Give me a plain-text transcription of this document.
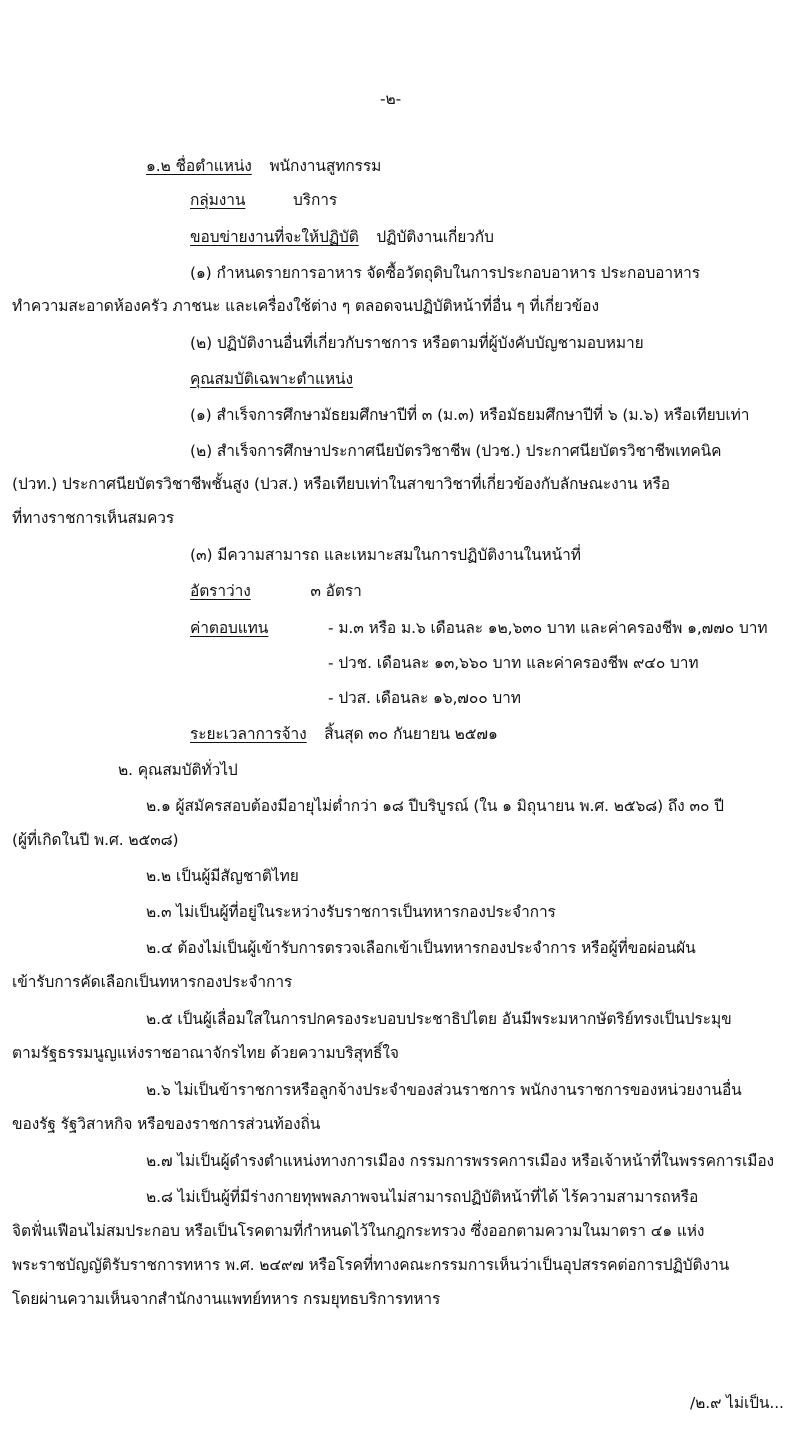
-๒-
๑.๒ ชื่อตำแหน่ง พนักงานสูทกรรม
กลุ่มงาน	บริการ
ขอบข่ายงานที่จะให้ปฏิบัติ ปฏิบัติงานเกี่ยวกับ
(๑) กำหนดรายการอาหาร จัดซื้อวัตถุดิบในการประกอบอาหาร ประกอบอาหาร
ทำความสะอาดห้องครัว ภาชนะ และเครื่องใช้ต่าง ๆ ตลอดจนปฏิบัติหน้าที่อื่น ๆ ที่เกี่ยวข้อง
(๒) ปฏิบัติงานอื่นที่เกี่ยวกับราชการ หรือตามที่ผู้บังคับบัญชามอบหมาย
คุณสมบัติเฉพาะตำแหน่ง
(๑) สำเร็จการศึกษามัธยมศึกษาปีที่ ๓ (ม.๓) หรือมัธยมศึกษาปีที่ ๖ (ม.๖) หรือเทียบเท่า
(๒) สำเร็จการศึกษาประกาศนียบัตรวิชาชีพ (ปวช.) ประกาศนียบัตรวิชาชีพเทคนิค
(ปวท.) ประกาศนียบัตรวิชาชีพชั้นสูง (ปวส.) หรือเทียบเท่าในสาขาวิชาที่เกี่ยวข้องกับลักษณะงาน หรือ
ที่ทางราชการเห็นสมควร
(๓) มีความสามารถ และเหมาะสมในการปฏิบัติงานในหน้าที่
อัตราว่าง	๓ อัตรา
ค่าตอบแทน	- ม.๓ หรือ ม.๖ เดือนละ ๑๒,๖๓๐ บาท และค่าครองชีพ ๑,๗๗๐ บาท
- ปวช. เดือนละ ๑๓,๖๖๐ บาท และค่าครองชีพ ๙๔๐ บาท
- ปวส. เดือนละ ๑๖,๗๐๐ บาท
ระยะเวลาการจ้าง สิ้นสุด ๓๐ กันยายน ๒๕๗๑
๒. คุณสมบัติทั่วไป
๒.๑ ผู้สมัครสอบต้องมีอายุไม่ต่ำกว่า ๑๘ ปีบริบูรณ์ (ใน ๑ มิถุนายน พ.ศ. ๒๕๖๘) ถึง ๓๐ ปี
(ผู้ที่เกิดในปี พ.ศ. ๒๕๓๘)
๒.๒ เป็นผู้มีสัญชาติไทย
๒.๓ ไม่เป็นผู้ที่อยู่ในระหว่างรับราชการเป็นทหารกองประจำการ
๒.๔ ต้องไม่เป็นผู้เข้ารับการตรวจเลือกเข้าเป็นทหารกองประจำการ หรือผู้ที่ขอผ่อนผัน
เข้ารับการคัดเลือกเป็นทหารกองประจำการ
๒.๕ เป็นผู้เลื่อมใสในการปกครองระบอบประชาธิปไตย อันมีพระมหากษัตริย์ทรงเป็นประมุข
ตามรัฐธรรมนูญแห่งราชอาณาจักรไทย ด้วยความบริสุทธิ์ใจ
๒.๖ ไม่เป็นข้าราชการหรือลูกจ้างประจำของส่วนราชการ พนักงานราชการของหน่วยงานอื่น
ของรัฐ รัฐวิสาหกิจ หรือของราชการส่วนท้องถิ่น
๒.๗ ไม่เป็นผู้ดำรงตำแหน่งทางการเมือง กรรมการพรรคการเมือง หรือเจ้าหน้าที่ในพรรคการเมือง
๒.๘ ไม่เป็นผู้ที่มีร่างกายทุพพลภาพจนไม่สามารถปฏิบัติหน้าที่ได้ ไร้ความสามารถหรือ
จิตฟั่นเฟือนไม่สมประกอบ หรือเป็นโรคตามที่กำหนดไว้ในกฎกระทรวง ซึ่งออกตามความในมาตรา ๔๑ แห่ง
พระราชบัญญัติรับราชการทหาร พ.ศ. ๒๔๙๗ หรือโรคที่ทางคณะกรรมการเห็นว่าเป็นอุปสรรคต่อการปฏิบัติงาน
โดยผ่านความเห็นจากสำนักงานแพทย์ทหาร กรมยุทธบริการทหาร
/๒.๙ ไม่เป็น...
